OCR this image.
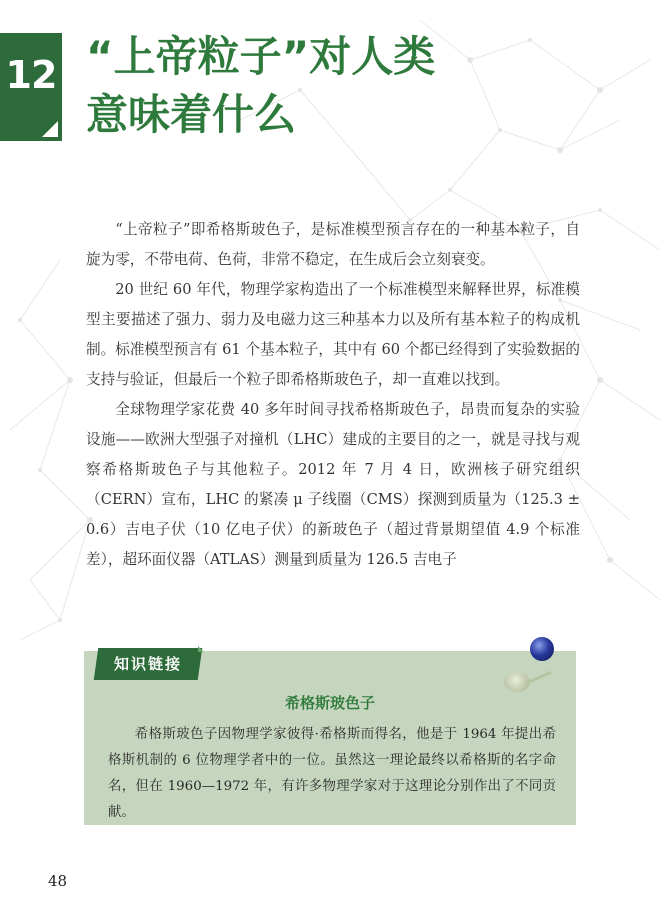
12 “上帝粒子”对人类
意味着什么

“上帝粒子”即希格斯玻色子，是标准模型预言存在的一种基本粒子，自旋为零，不带电荷、色荷，非常不稳定，在生成后会立刻衰变。

20 世纪 60 年代，物理学家构造出了一个标准模型来解释世界，标准模型主要描述了强力、弱力及电磁力这三种基本力以及所有基本粒子的构成机制。标准模型预言有 61 个基本粒子，其中有 60 个都已经得到了实验数据的支持与验证，但最后一个粒子即希格斯玻色子，却一直难以找到。

全球物理学家花费 40 多年时间寻找希格斯玻色子，昂贵而复杂的实验设施——欧洲大型强子对撞机（LHC）建成的主要目的之一，就是寻找与观察希格斯玻色子与其他粒子。2012 年 7 月 4 日，欧洲核子研究组织（CERN）宣布，LHC 的紧凑 μ 子线圈（CMS）探测到质量为（125.3 ± 0.6）吉电子伏（10 亿电子伏）的新玻色子（超过背景期望值 4.9 个标准差），超环面仪器（ATLAS）测量到质量为 126.5 吉电子

知识链接
希格斯玻色子

希格斯玻色子因物理学家彼得·希格斯而得名，他是于 1964 年提出希格斯机制的 6 位物理学者中的一位。虽然这一理论最终以希格斯的名字命名，但在 1960—1972 年，有许多物理学家对于这理论分别作出了不同贡献。

48
